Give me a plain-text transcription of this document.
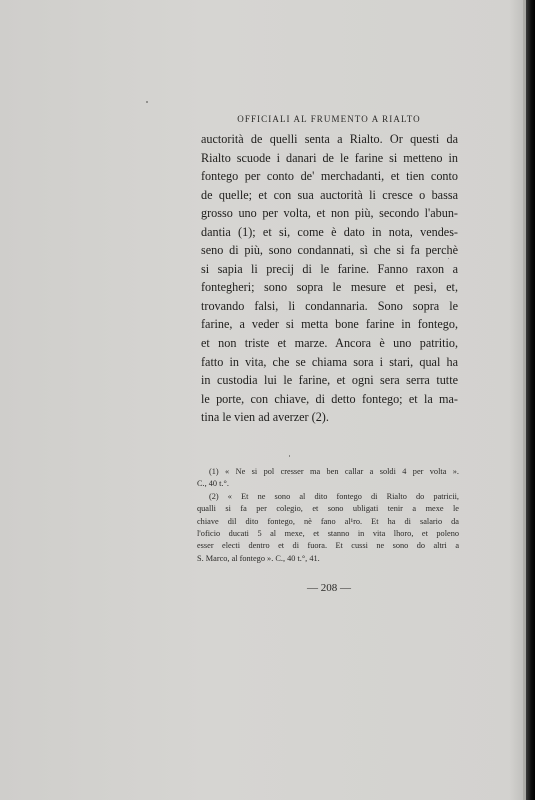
OFFICIALI AL FRUMENTO A RIALTO
auctorità de quelli senta a Rialto. Or questi da
Rialto scuode i danari de le farine si metteno in
fontego per conto de' merchadanti, et tien conto
de quelle; et con sua auctorità li cresce o bassa
grosso uno per volta, et non più, secondo l'abun-
dantia (1); et si, come è dato in nota, vendes-
seno di più, sono condannati, sì che si fa perchè
si sapia li precij di le farine. Fanno raxon a
fontegheri; sono sopra le mesure et pesi, et,
trovando falsi, li condannaria. Sono sopra le
farine, a veder si metta bone farine in fontego,
et non triste et marze. Ancora è uno patritio,
fatto in vita, che se chiama sora i stari, qual ha
in custodia lui le farine, et ogni sera serra tutte
le porte, con chiave, di detto fontego; et la ma-
tina le vien ad averzer (2).
(1) « Ne si pol cresser ma ben callar a soldi 4 per volta ».
C., 40 t.°.
(2) « Et ne sono al dito fontego di Rialto do patricii,
qualli si fa per colegio, et sono ubligati tenir a mexe le
chiave dil dito fontego, nè fano al¹ro. Et ha di salario da
l'oficio ducati 5 al mexe, et stanno in vita lhoro, et poleno
esser electi dentro et di fuora. Et cussi ne sono do altri a
S. Marco, al fontego ». C., 40 t.°, 41.
— 208 —
